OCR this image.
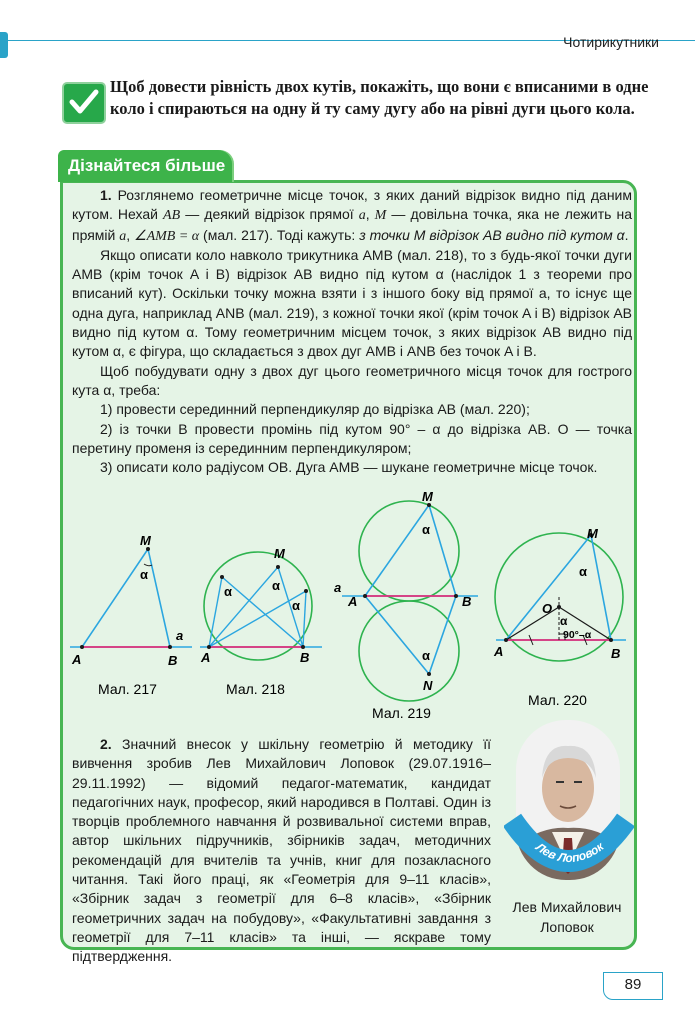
Чотирикутники
Щоб довести рівність двох кутів, покажіть, що вони є вписаними в одне коло і спираються на одну й ту саму дугу або на рівні дуги цього кола.
Дізнайтеся більше

1. Розглянемо геометричне місце точок, з яких даний відрізок видно під даним кутом. Нехай AB — деякий відрізок прямої a, M — довільна точка, яка не лежить на прямій a, ∠AMB = α (мал. 217). Тоді кажуть: з точки M відрізок AB видно під кутом α.

Якщо описати коло навколо трикутника AMB (мал. 218), то з будь-якої точки дуги AMB (крім точок A і B) відрізок AB видно під кутом α (наслідок 1 з теореми про вписаний кут). Оскільки точку можна взяти і з іншого боку від прямої a, то існує ще одна дуга, наприклад ANB (мал. 219), з кожної точки якої (крім точок A і B) відрізок AB видно під кутом α. Тому геометричним місцем точок, з яких відрізок AB видно під кутом α, є фігура, що складається з двох дуг AMB і ANB без точок A і B.

Щоб побудувати одну з двох дуг цього геометричного місця точок для гострого кута α, треба:

1) провести серединний перпендикуляр до відрізка AB (мал. 220);

2) із точки B провести промінь під кутом 90° – α до відрізка AB. O — точка перетину променя із серединним перпендикуляром;

3) описати коло радіусом OB. Дуга AMB — шукане геометричне місце точок.

M
α
A	B
a
Мал. 217
M
α	α
α
A	B
Мал. 218
M
N
α
α
A	B
a
Мал. 219
M
α
O
α
90°–α
A	B
Мал. 220

2. Значний внесок у шкільну геометрію й методику її вивчення зробив Лев Михайлович Лоповок (29.07.1916–29.11.1992) — відомий педагог-математик, кандидат педагогічних наук, професор, який народився в Полтаві. Один із творців проблемного навчання й розвивальної системи вправ, автор шкільних підручників, збірників задач, методичних рекомендацій для вчителів та учнів, книг для позакласного читання. Такі його праці, як «Геометрія для 9–11 класів», «Збірник задач з геометрії для 6–8 класів», «Збірник геометричних задач на побудову», «Факультативні завдання з геометрії для 7–11 класів» та інші, — яскраве тому підтвердження.

Лев Лоповок
Лев Михайлович
Лоповок
89
